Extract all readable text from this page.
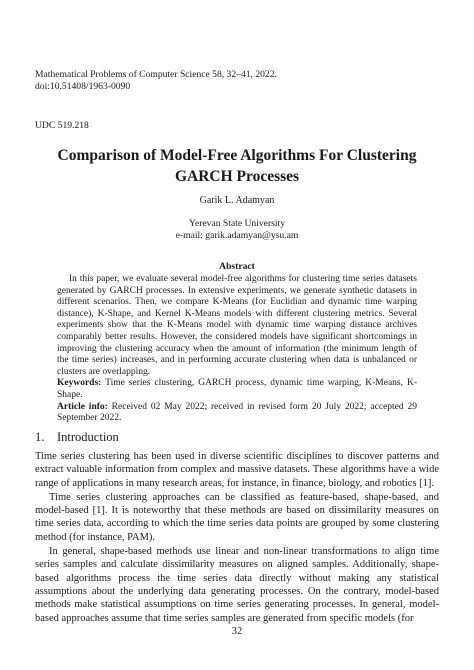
Mathematical Problems of Computer Science 58, 32–41, 2022.
doi:10.51408/1963-0090
UDC 519.218
Comparison of Model-Free Algorithms For Clustering
GARCH Processes
Garik L. Adamyan
Yerevan State University
e-mail: garik.adamyan@ysu.am
Abstract

In this paper, we evaluate several model-free algorithms for clustering time series datasets generated by GARCH processes. In extensive experiments, we generate synthetic datasets in different scenarios. Then, we compare K-Means (for Euclidian and dynamic time warping distance), K-Shape, and Kernel K-Means models with different clustering metrics. Several experiments show that the K-Means model with dynamic time warping distance archives comparably better results. However, the considered models have significant shortcomings in improving the clustering accuracy when the amount of information (the minimum length of the time series) increases, and in performing accurate clustering when data is unbalanced or clusters are overlapping.

Keywords: Time series clustering, GARCH process, dynamic time warping, K-Means, K-Shape.

Article info: Received 02 May 2022; received in revised form 20 July 2022; accepted 29 September 2022.

1. Introduction

Time series clustering has been used in diverse scientific disciplines to discover patterns and extract valuable information from complex and massive datasets. These algorithms have a wide range of applications in many research areas, for instance, in finance, biology, and robotics [1].

Time series clustering approaches can be classified as feature-based, shape-based, and model-based [1]. It is noteworthy that these methods are based on dissimilarity measures on time series data, according to which the time series data points are grouped by some clustering method (for instance, PAM).

In general, shape-based methods use linear and non-linear transformations to align time series samples and calculate dissimilarity measures on aligned samples. Additionally, shape-based algorithms process the time series data directly without making any statistical assumptions about the underlying data generating processes. On the contrary, model-based methods make statistical assumptions on time series generating processes. In general, model-based approaches assume that time series samples are generated from specific models (for

32
